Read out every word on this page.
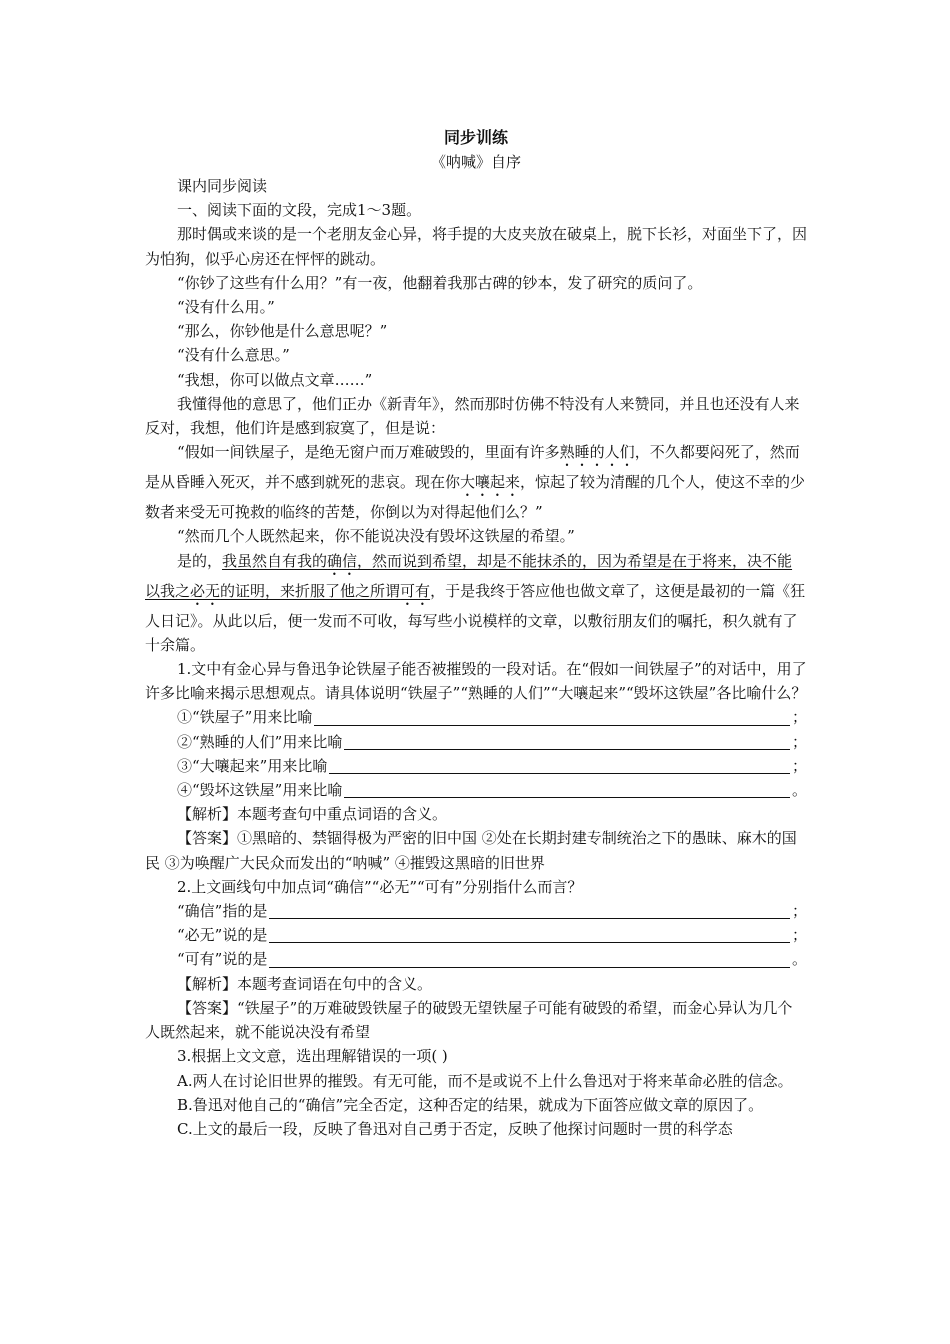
同步训练
《呐喊》自序

课内同步阅读

一、阅读下面的文段，完成1～3题。

那时偶或来谈的是一个老朋友金心异，将手提的大皮夹放在破桌上，脱下长衫，对面坐下了，因为怕狗，似乎心房还在怦怦的跳动。

“你钞了这些有什么用？”有一夜，他翻着我那古碑的钞本，发了研究的质问了。

“没有什么用。”

“那么，你钞他是什么意思呢？”

“没有什么意思。”

“我想，你可以做点文章……”

我懂得他的意思了，他们正办《新青年》，然而那时仿佛不特没有人来赞同，并且也还没有人来反对，我想，他们许是感到寂寞了，但是说：

“假如一间铁屋子，是绝无窗户而万难破毁的，里面有许多熟睡的人们，不久都要闷死了，然而是从昏睡入死灭，并不感到就死的悲哀。现在你大嚷起来，惊起了较为清醒的几个人，使这不幸的少数者来受无可挽救的临终的苦楚，你倒以为对得起他们么？”

“然而几个人既然起来，你不能说决没有毁坏这铁屋的希望。”

是的，我虽然自有我的确信，然而说到希望，却是不能抹杀的，因为希望是在于将来，决不能以我之必无的证明，来折服了他之所谓可有，于是我终于答应他也做文章了，这便是最初的一篇《狂人日记》。从此以后，便一发而不可收，每写些小说模样的文章，以敷衍朋友们的嘱托，积久就有了十余篇。

1.文中有金心异与鲁迅争论铁屋子能否被摧毁的一段对话。在“假如一间铁屋子”的对话中，用了许多比喻来揭示思想观点。请具体说明“铁屋子”“熟睡的人们”“大嚷起来”“毁坏这铁屋”各比喻什么？

①“铁屋子”用来比喻	；
②“熟睡的人们”用来比喻	；
③“大嚷起来”用来比喻	；
④“毁坏这铁屋”用来比喻	。

【解析】本题考查句中重点词语的含义。

【答案】①黑暗的、禁锢得极为严密的旧中国 ②处在长期封建专制统治之下的愚昧、麻木的国民 ③为唤醒广大民众而发出的“呐喊” ④摧毁这黑暗的旧世界

2.上文画线句中加点词“确信”“必无”“可有”分别指什么而言？

“确信”指的是	；
“必无”说的是	；
“可有”说的是	。

【解析】本题考查词语在句中的含义。

【答案】“铁屋子”的万难破毁铁屋子的破毁无望铁屋子可能有破毁的希望，而金心异认为几个人既然起来，就不能说决没有希望

3.根据上文文意，选出理解错误的一项( )

A.两人在讨论旧世界的摧毁。有无可能，而不是或说不上什么鲁迅对于将来革命必胜的信念。

B.鲁迅对他自己的“确信”完全否定，这种否定的结果，就成为下面答应做文章的原因了。

C.上文的最后一段，反映了鲁迅对自己勇于否定，反映了他探讨问题时一贯的科学态
